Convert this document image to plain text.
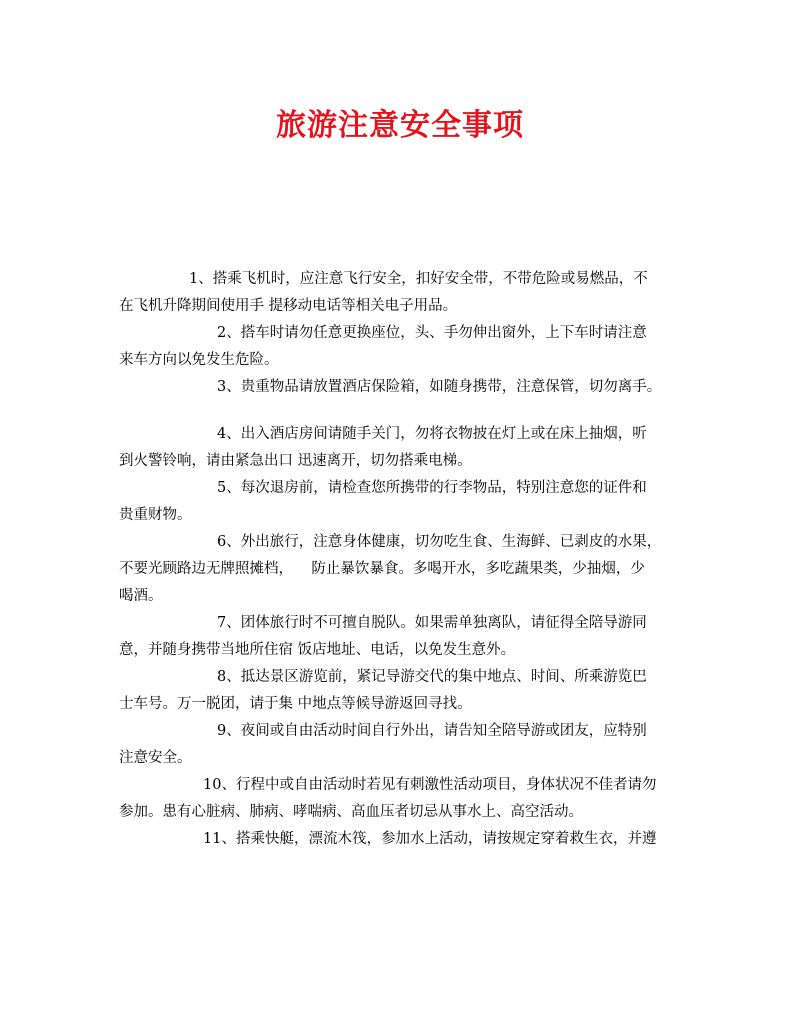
旅游注意安全事项

1、搭乘飞机时，应注意飞行安全，扣好安全带，不带危险或易燃品，不
在飞机升降期间使用手 提移动电话等相关电子用品。

2、搭车时请勿任意更换座位，头、手勿伸出窗外，上下车时请注意
来车方向以免发生危险。

3、贵重物品请放置酒店保险箱，如随身携带，注意保管，切勿离手。

4、出入酒店房间请随手关门，勿将衣物披在灯上或在床上抽烟，听
到火警铃响，请由紧急出口 迅速离开，切勿搭乘电梯。

5、每次退房前，请检查您所携带的行李物品，特别注意您的证件和
贵重财物。

6、外出旅行，注意身体健康，切勿吃生食、生海鲜、已剥皮的水果，
不要光顾路边无牌照摊档，    防止暴饮暴食。多喝开水，多吃蔬果类，少抽烟，少
喝酒。

7、团体旅行时不可擅自脱队。如果需单独离队，请征得全陪导游同
意，并随身携带当地所住宿 饭店地址、电话，以免发生意外。

8、抵达景区游览前，紧记导游交代的集中地点、时间、所乘游览巴
士车号。万一脱团，请于集 中地点等候导游返回寻找。

9、夜间或自由活动时间自行外出，请告知全陪导游或团友，应特别
注意安全。

10、行程中或自由活动时若见有刺激性活动项目，身体状况不佳者请勿
参加。患有心脏病、肺病、哮喘病、高血压者切忌从事水上、高空活动。

11、搭乘快艇，漂流木筏，参加水上活动，请按规定穿着救生衣，并遵
